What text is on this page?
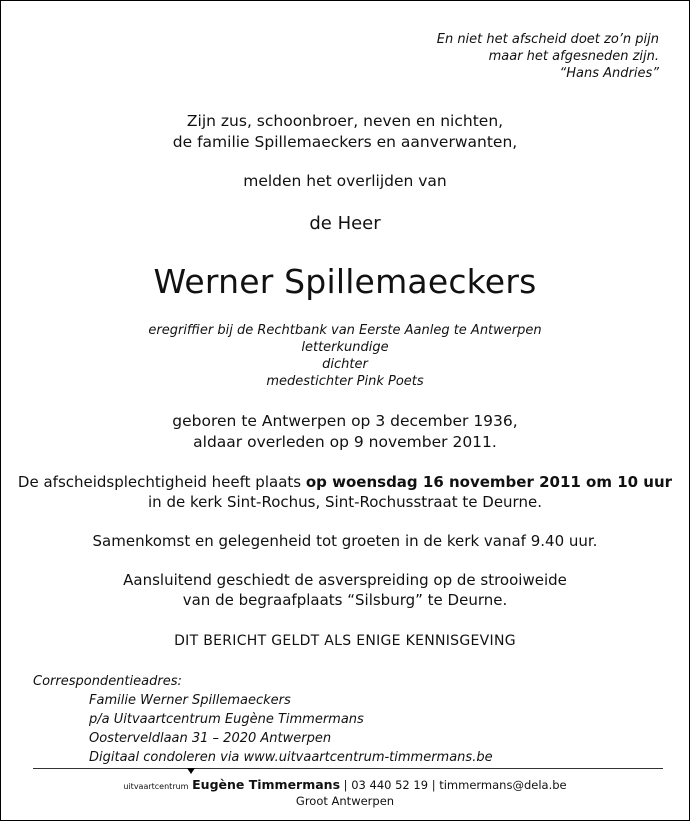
En niet het afscheid doet zo’n pijn
maar het afgesneden zijn.
“Hans Andries”
Zijn zus, schoonbroer, neven en nichten,
de familie Spillemaeckers en aanverwanten,
melden het overlijden van
de Heer
Werner Spillemaeckers
eregriffier bij de Rechtbank van Eerste Aanleg te Antwerpen
letterkundige
dichter
medestichter Pink Poets
geboren te Antwerpen op 3 december 1936,
aldaar overleden op 9 november 2011.
De afscheidsplechtigheid heeft plaats op woensdag 16 november 2011 om 10 uur
in de kerk Sint-Rochus, Sint-Rochusstraat te Deurne.
Samenkomst en gelegenheid tot groeten in de kerk vanaf 9.40 uur.
Aansluitend geschiedt de asverspreiding op de strooiweide
van de begraafplaats “Silsburg” te Deurne.
DIT BERICHT GELDT ALS ENIGE KENNISGEVING
Correspondentieadres:
Familie Werner Spillemaeckers
p/a Uitvaartcentrum Eugène Timmermans
Oosterveldlaan 31 – 2020 Antwerpen
Digitaal condoleren via www.uitvaartcentrum-timmermans.be
uitvaartcentrum Eugène Timmermans | 03 440 52 19 | timmermans@dela.be
Groot Antwerpen
